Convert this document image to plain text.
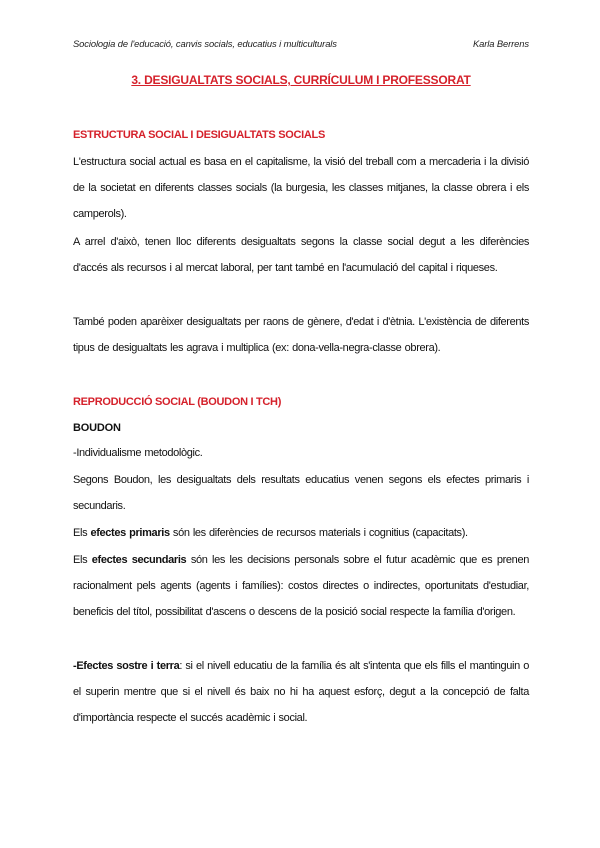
Sociologia de l'educació, canvis socials, educatius i multiculturals	Karla Berrens
3. DESIGUALTATS SOCIALS, CURRÍCULUM I PROFESSORAT
ESTRUCTURA SOCIAL I DESIGUALTATS SOCIALS
L'estructura social actual es basa en el capitalisme, la visió del treball com a mercaderia i la divisió de la societat en diferents classes socials (la burgesia, les classes mitjanes, la classe obrera i els camperols).
A arrel d'això, tenen lloc diferents desigualtats segons la classe social degut a les diferències d'accés als recursos i al mercat laboral, per tant també en l'acumulació del capital i riqueses.
També poden aparèixer desigualtats per raons de gènere, d'edat i d'ètnia. L'existència de diferents tipus de desigualtats les agrava i multiplica (ex: dona-vella-negra-classe obrera).
REPRODUCCIÓ SOCIAL (BOUDON I TCH)
BOUDON
-Individualisme metodològic.
Segons Boudon, les desigualtats dels resultats educatius venen segons els efectes primaris i secundaris.
Els efectes primaris són les diferències de recursos materials i cognitius (capacitats).
Els efectes secundaris són les les decisions personals sobre el futur acadèmic que es prenen racionalment pels agents (agents i famílies): costos directes o indirectes, oportunitats d'estudiar, beneficis del títol, possibilitat d'ascens o descens de la posició social respecte la família d'origen.
-Efectes sostre i terra: si el nivell educatiu de la família és alt s'intenta que els fills el mantinguin o el superin mentre que si el nivell és baix no hi ha aquest esforç, degut a la concepció de falta d'importància respecte el succés acadèmic i social.
